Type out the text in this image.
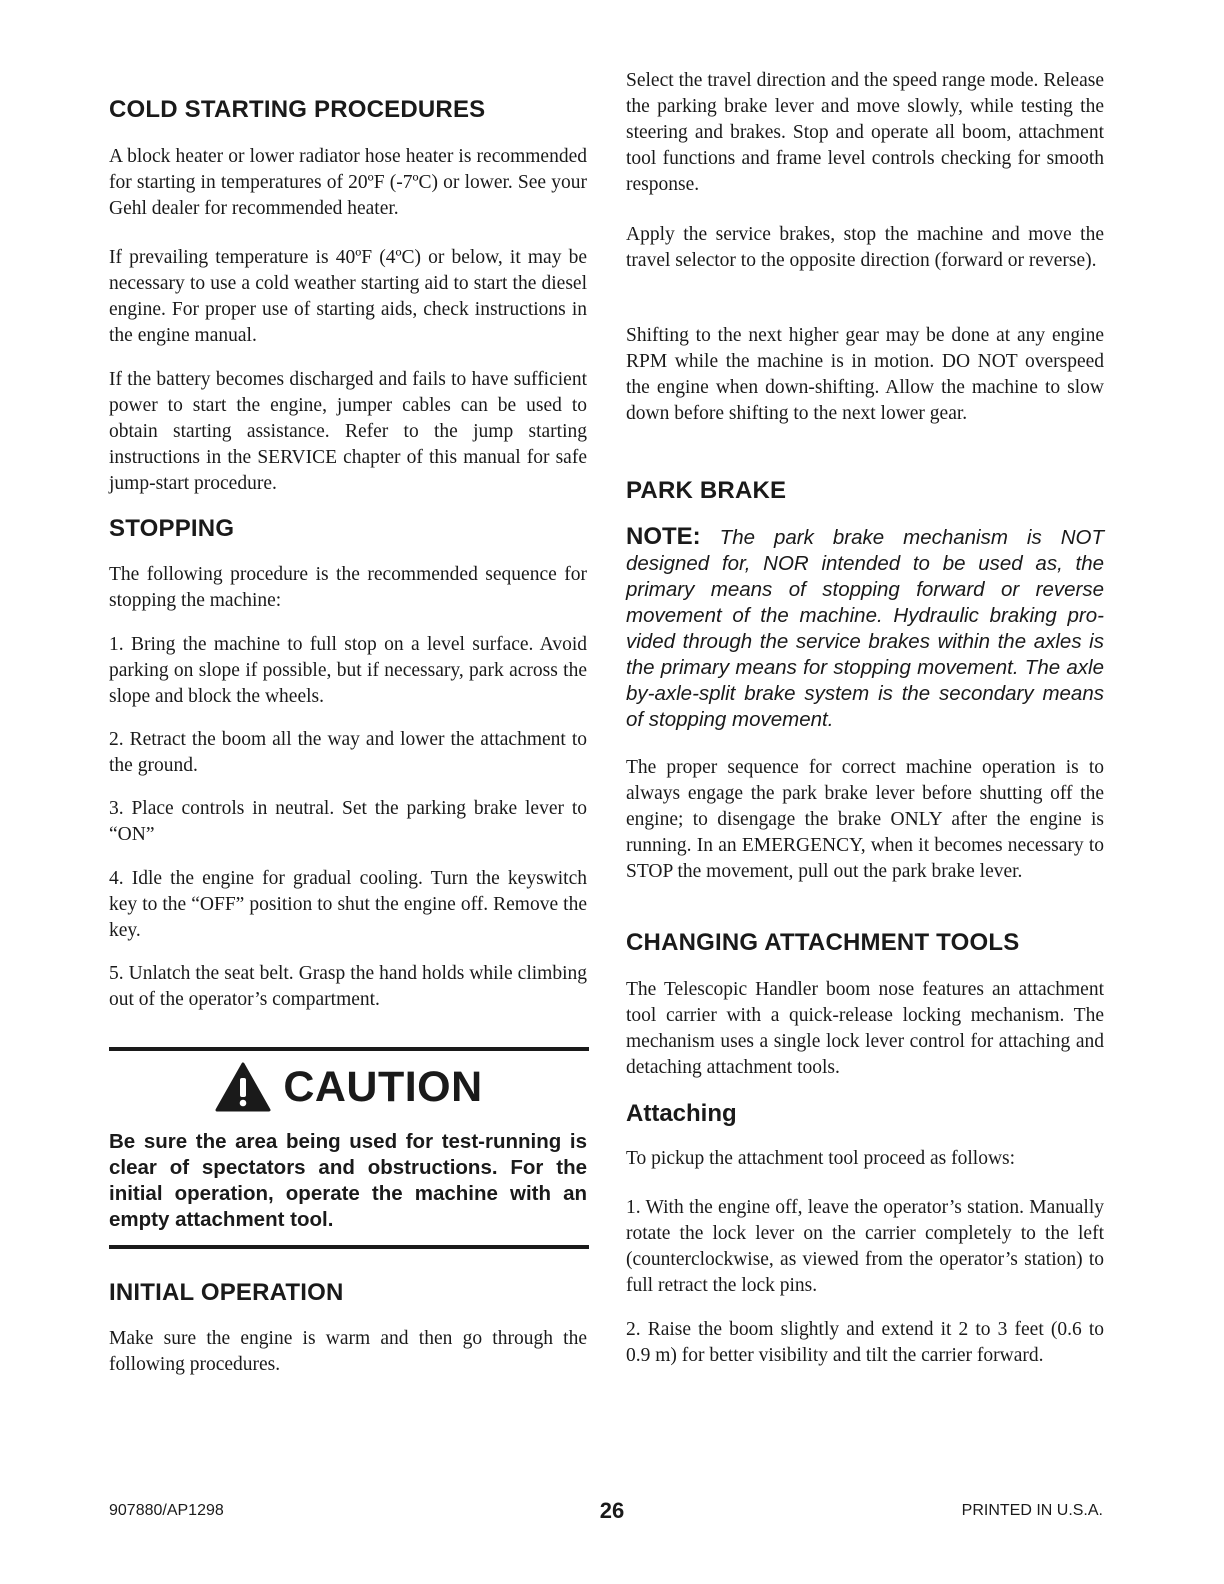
COLD STARTING PROCEDURES

A block heater or lower radiator hose heater is recommended for starting in temperatures of 20ºF (-7ºC) or lower. See your Gehl dealer for recommended heater.

If prevailing temperature is 40ºF (4ºC) or below, it may be necessary to use a cold weather starting aid to start the diesel engine. For proper use of starting aids, check instructions in the engine manual.

If the battery becomes discharged and fails to have sufficient power to start the engine, jumper cables can be used to obtain starting assistance. Refer to the jump starting instructions in the SERVICE chapter of this manual for safe jump-start procedure.

STOPPING

The following procedure is the recommended sequence for stopping the machine:

1. Bring the machine to full stop on a level surface. Avoid parking on slope if possible, but if necessary, park across the slope and block the wheels.

2. Retract the boom all the way and lower the attachment to the ground.

3. Place controls in neutral. Set the parking brake lever to “ON”

4. Idle the engine for gradual cooling. Turn the keyswitch key to the “OFF” position to shut the engine off. Remove the key.

5. Unlatch the seat belt. Grasp the hand holds while climbing out of the operator’s compartment.

CAUTION

Be sure the area being used for test-running is clear of spectators and obstructions. For the initial operation, operate the machine with an empty attachment tool.

INITIAL OPERATION

Make sure the engine is warm and then go through the following procedures.

Select the travel direction and the speed range mode. Release the parking brake lever and move slowly, while testing the steering and brakes. Stop and operate all boom, attachment tool functions and frame level controls checking for smooth response.

Apply the service brakes, stop the machine and move the travel selector to the opposite direction (forward or reverse).

Shifting to the next higher gear may be done at any engine RPM while the machine is in motion. DO NOT overspeed the engine when down-shifting. Allow the machine to slow down before shifting to the next lower gear.

PARK BRAKE

NOTE: The park brake mechanism is NOT designed for, NOR intended to be used as, the primary means of stopping forward or reverse movement of the machine. Hydraulic braking provided through the service brakes within the axles is the primary means for stopping movement. The axle by-axle-split brake system is the secondary means of stopping movement.

The proper sequence for correct machine operation is to always engage the park brake lever before shutting off the engine; to disengage the brake ONLY after the engine is running. In an EMERGENCY, when it becomes necessary to STOP the movement, pull out the park brake lever.

CHANGING ATTACHMENT TOOLS

The Telescopic Handler boom nose features an attachment tool carrier with a quick-release locking mechanism. The mechanism uses a single lock lever control for attaching and detaching attachment tools.

Attaching

To pickup the attachment tool proceed as follows:

1. With the engine off, leave the operator’s station. Manually rotate the lock lever on the carrier completely to the left (counterclockwise, as viewed from the operator’s station) to full retract the lock pins.

2. Raise the boom slightly and extend it 2 to 3 feet (0.6 to 0.9 m) for better visibility and tilt the carrier forward.

907880/AP1298	26	PRINTED IN U.S.A.
